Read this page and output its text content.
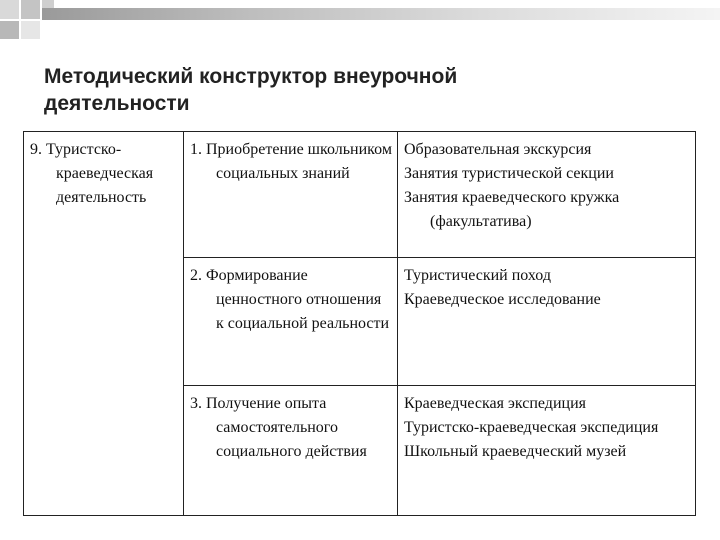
Методический конструктор внеурочной
деятельности
9. Туристско-краеведческая деятельность	1. Приобретение школьником социальных знаний	Образовательная экскурсия
Занятия туристической секции
Занятия краеведческого кружка (факультатива)

	2. Формирование ценностного отношения к социальной реальности	Туристический поход
Краеведческое исследование

	3. Получение опыта самостоятельного социального действия	Краеведческая экспедиция
Туристско-краеведческая экспедиция
Школьный краеведческий музей
